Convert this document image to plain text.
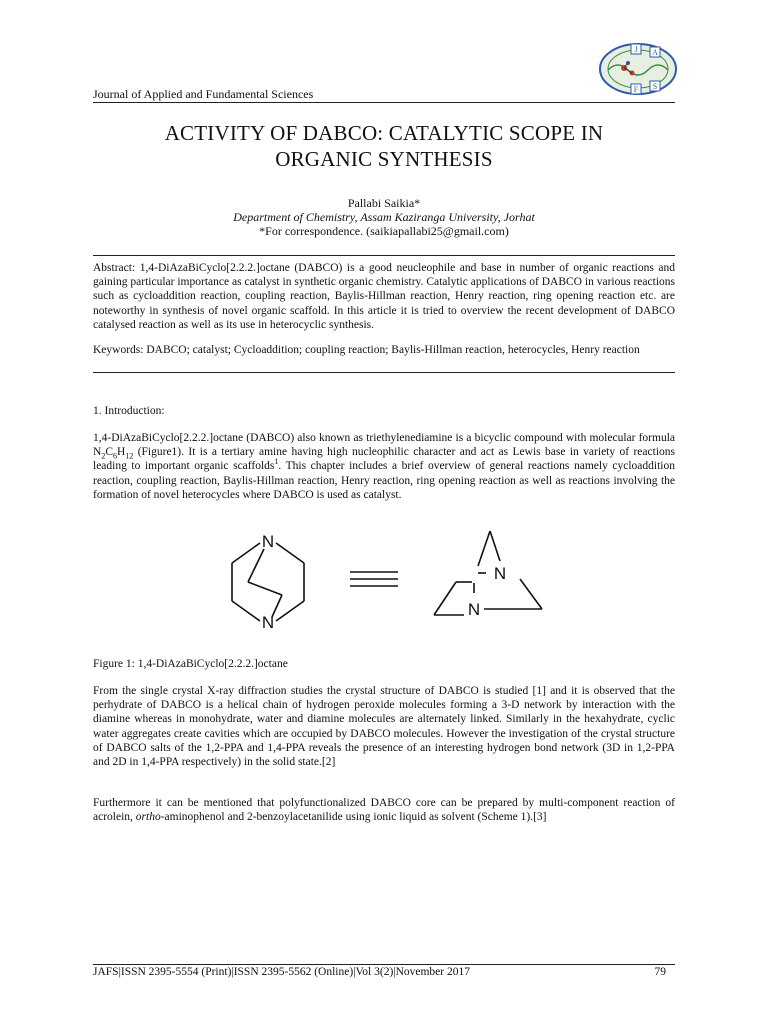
J A
F S
Journal of Applied and Fundamental Sciences
ACTIVITY OF DABCO: CATALYTIC SCOPE IN
ORGANIC SYNTHESIS
Pallabi Saikia*
Department of Chemistry, Assam Kaziranga University, Jorhat
*For correspondence. (saikiapallabi25@gmail.com)
Abstract: 1,4-DiAzaBiCyclo[2.2.2.]octane (DABCO) is a good neucleophile and base in number of organic reactions and gaining particular importance as catalyst in synthetic organic chemistry. Catalytic applications of DABCO in various reactions such as cycloaddition reaction, coupling reaction, Baylis-Hillman reaction, Henry reaction, ring opening reaction etc. are noteworthy in synthesis of novel organic scaffold. In this article it is tried to overview the recent development of DABCO catalysed reaction as well as its use in heterocyclic synthesis.
Keywords: DABCO; catalyst; Cycloaddition; coupling reaction; Baylis-Hillman reaction, heterocycles, Henry reaction
1. Introduction:
1,4-DiAzaBiCyclo[2.2.2.]octane (DABCO) also known as triethylenediamine is a bicyclic compound with molecular formula $N_2C_6H_{12}$ (Figure1). It is a tertiary amine having high nucleophilic character and act as Lewis base in variety of reactions leading to important organic scaffolds$^1$. This chapter includes a brief overview of general reactions namely cycloaddition reaction, coupling reaction, Baylis-Hillman reaction, Henry reaction, ring opening reaction as well as reactions involving the formation of novel heterocycles where DABCO is used as catalyst.
N
N
N
N
Figure 1: 1,4-DiAzaBiCyclo[2.2.2.]octane
From the single crystal X-ray diffraction studies the crystal structure of DABCO is studied [1] and it is observed that the perhydrate of DABCO is a helical chain of hydrogen peroxide molecules forming a 3-D network by interaction with the diamine whereas in monohydrate, water and diamine molecules are alternately linked. Similarly in the hexahydrate, cyclic water aggregates create cavities which are occupied by DABCO molecules. However the investigation of the crystal structure of DABCO salts of the 1,2-PPA and 1,4-PPA reveals the presence of an interesting hydrogen bond network (3D in 1,2-PPA and 2D in 1,4-PPA respectively) in the solid state.[2]
Furthermore it can be mentioned that polyfunctionalized DABCO core can be prepared by multi-component reaction of acrolein, ortho-aminophenol and 2-benzoylacetanilide using ionic liquid as solvent (Scheme 1).[3]
JAFS|ISSN 2395-5554 (Print)|ISSN 2395-5562 (Online)|Vol 3(2)|November 2017	79
